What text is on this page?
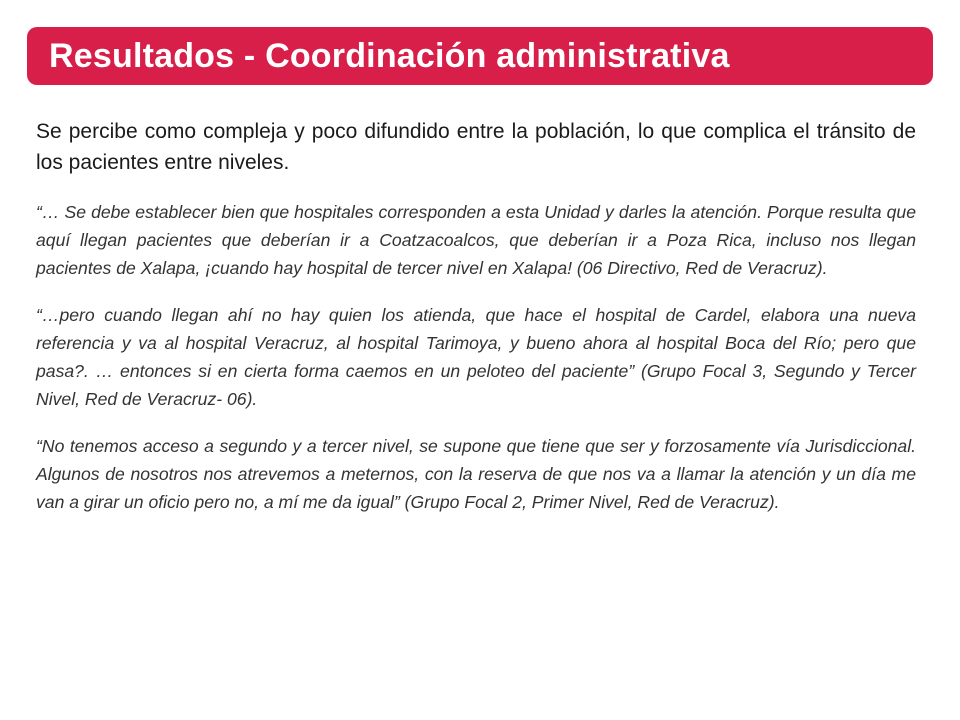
Resultados - Coordinación administrativa

Se percibe como compleja y poco difundido entre la población, lo que complica el tránsito de los pacientes entre niveles.

“… Se debe establecer bien que hospitales corresponden a esta Unidad y darles la atención. Porque resulta que aquí llegan pacientes que deberían ir a Coatzacoalcos, que deberían ir a Poza Rica, incluso nos llegan pacientes de Xalapa, ¡cuando hay hospital de tercer nivel en Xalapa! (06 Directivo, Red de Veracruz).

“…pero cuando llegan ahí no hay quien los atienda, que hace el hospital de Cardel, elabora una nueva referencia y va al hospital Veracruz, al hospital Tarimoya, y bueno ahora al hospital Boca del Río; pero que pasa?. … entonces si en cierta forma caemos en un peloteo del paciente” (Grupo Focal 3, Segundo y Tercer Nivel, Red de Veracruz- 06).

“No tenemos acceso a segundo y a tercer nivel, se supone que tiene que ser y forzosamente vía Jurisdiccional. Algunos de nosotros nos atrevemos a meternos, con la reserva de que nos va a llamar la atención y un día me van a girar un oficio pero no, a mí me da igual” (Grupo Focal 2, Primer Nivel, Red de Veracruz).
